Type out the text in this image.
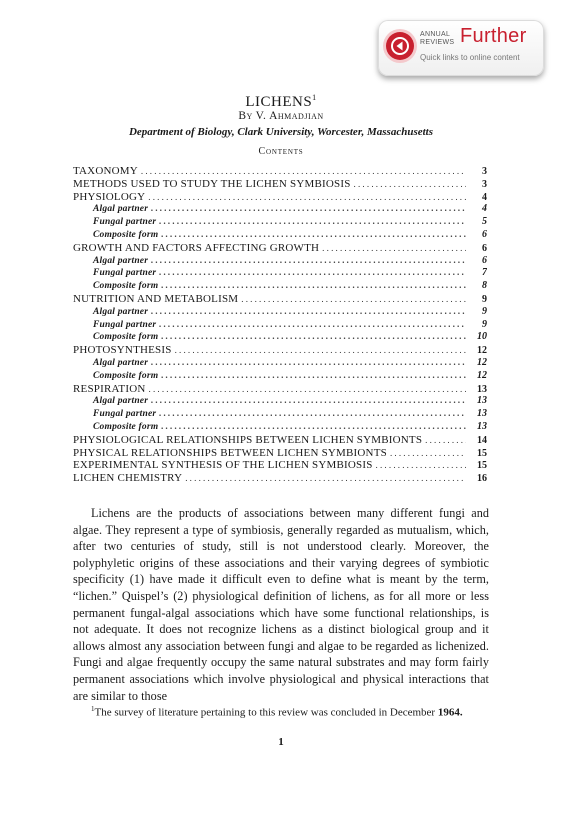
ANNUAL
REVIEWS Further
Quick links to online content
LICHENS$^1$
By V. Ahmadjian
Department of Biology, Clark University, Worcester, Massachusetts
Contents
TAXONOMY .....	3
METHODS USED TO STUDY THE LICHEN SYMBIOSIS .....	3
PHYSIOLOGY .....	4
Algal partner .....	4
Fungal partner .....	5
Composite form .....	6
GROWTH AND FACTORS AFFECTING GROWTH .....	6
Algal partner .....	6
Fungal partner .....	7
Composite form .....	8
NUTRITION AND METABOLISM .....	9
Algal partner .....	9
Fungal partner .....	9
Composite form .....	10
PHOTOSYNTHESIS .....	12
Algal partner .....	12
Composite form .....	12
RESPIRATION .....	13
Algal partner .....	13
Fungal partner .....	13
Composite form .....	13
PHYSIOLOGICAL RELATIONSHIPS BETWEEN LICHEN SYMBIONTS .....	14
PHYSICAL RELATIONSHIPS BETWEEN LICHEN SYMBIONTS .....	15
EXPERIMENTAL SYNTHESIS OF THE LICHEN SYMBIOSIS .....	15
LICHEN CHEMISTRY .....	16

Lichens are the products of associations between many different fungi and algae. They represent a type of symbiosis, generally regarded as mutualism, which, after two centuries of study, still is not understood clearly. Moreover, the polyphyletic origins of these associations and their varying degrees of symbiotic specificity (1) have made it difficult even to define what is meant by the term, “lichen.” Quispel’s (2) physiological definition of lichens, as for all more or less permanent fungal-algal associations which have some functional relationships, is not adequate. It does not recognize lichens as a distinct biological group and it allows almost any association between fungi and algae to be regarded as lichenized. Fungi and algae frequently occupy the same natural substrates and may form fairly permanent associations which involve physiological and physical interactions that are similar to those

$^1$The survey of literature pertaining to this review was concluded in December 1964.

1
